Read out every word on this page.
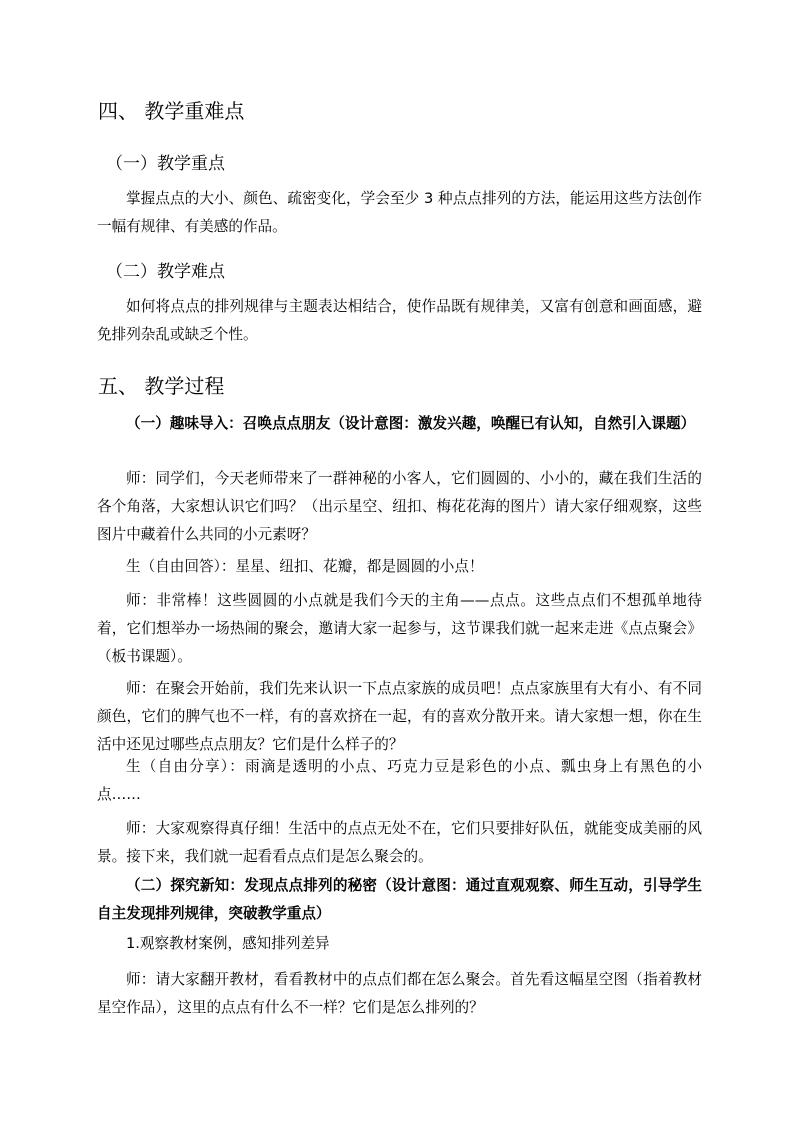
四、 教学重难点
（一）教学重点

掌握点点的大小、颜色、疏密变化，学会至少 3 种点点排列的方法，能运用这些方法创作一幅有规律、有美感的作品。

（二）教学难点

如何将点点的排列规律与主题表达相结合，使作品既有规律美，又富有创意和画面感，避免排列杂乱或缺乏个性。

五、 教学过程

（一）趣味导入：召唤点点朋友（设计意图：激发兴趣，唤醒已有认知，自然引入课题）

师：同学们，今天老师带来了一群神秘的小客人，它们圆圆的、小小的，藏在我们生活的各个角落，大家想认识它们吗？（出示星空、纽扣、梅花花海的图片）请大家仔细观察，这些图片中藏着什么共同的小元素呀？

生（自由回答）：星星、纽扣、花瓣，都是圆圆的小点！

师：非常棒！这些圆圆的小点就是我们今天的主角——点点。这些点点们不想孤单地待着，它们想举办一场热闹的聚会，邀请大家一起参与，这节课我们就一起来走进《点点聚会》（板书课题）。

师：在聚会开始前，我们先来认识一下点点家族的成员吧！点点家族里有大有小、有不同颜色，它们的脾气也不一样，有的喜欢挤在一起，有的喜欢分散开来。请大家想一想，你在生活中还见过哪些点点朋友？它们是什么样子的？

生（自由分享）：雨滴是透明的小点、巧克力豆是彩色的小点、瓢虫身上有黑色的小点……

师：大家观察得真仔细！生活中的点点无处不在，它们只要排好队伍，就能变成美丽的风景。接下来，我们就一起看看点点们是怎么聚会的。

（二）探究新知：发现点点排列的秘密（设计意图：通过直观观察、师生互动，引导学生自主发现排列规律，突破教学重点）

1.观察教材案例，感知排列差异

师：请大家翻开教材，看看教材中的点点们都在怎么聚会。首先看这幅星空图（指着教材星空作品），这里的点点有什么不一样？它们是怎么排列的？
